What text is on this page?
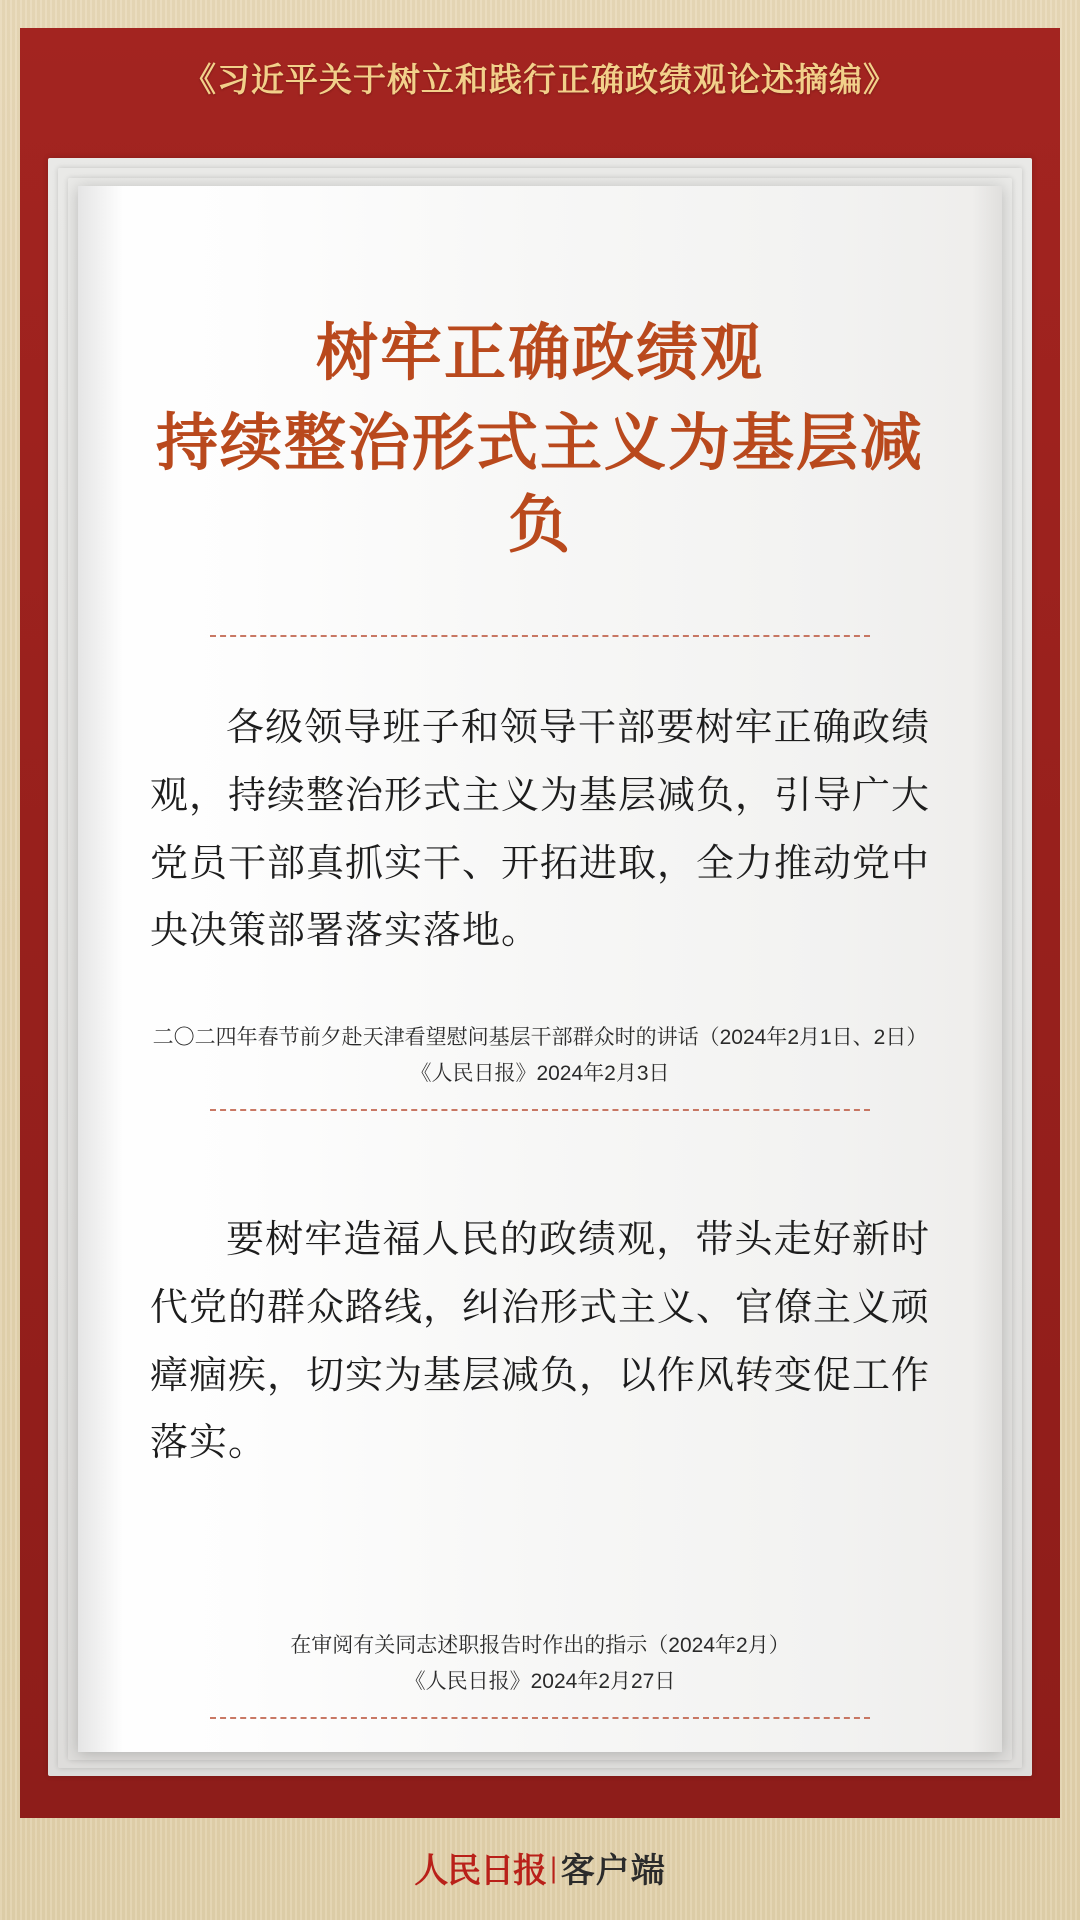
《习近平关于树立和践行正确政绩观论述摘编》
树牢正确政绩观
持续整治形式主义为基层减负
各级领导班子和领导干部要树牢正确政绩观，持续整治形式主义为基层减负，引导广大党员干部真抓实干、开拓进取，全力推动党中央决策部署落实落地。
二〇二四年春节前夕赴天津看望慰问基层干部群众时的讲话（2024年2月1日、2日）
《人民日报》2024年2月3日
要树牢造福人民的政绩观，带头走好新时代党的群众路线，纠治形式主义、官僚主义顽瘴痼疾，切实为基层减负，以作风转变促工作落实。
在审阅有关同志述职报告时作出的指示（2024年2月）
《人民日报》2024年2月27日
人民日报 | 客户端
